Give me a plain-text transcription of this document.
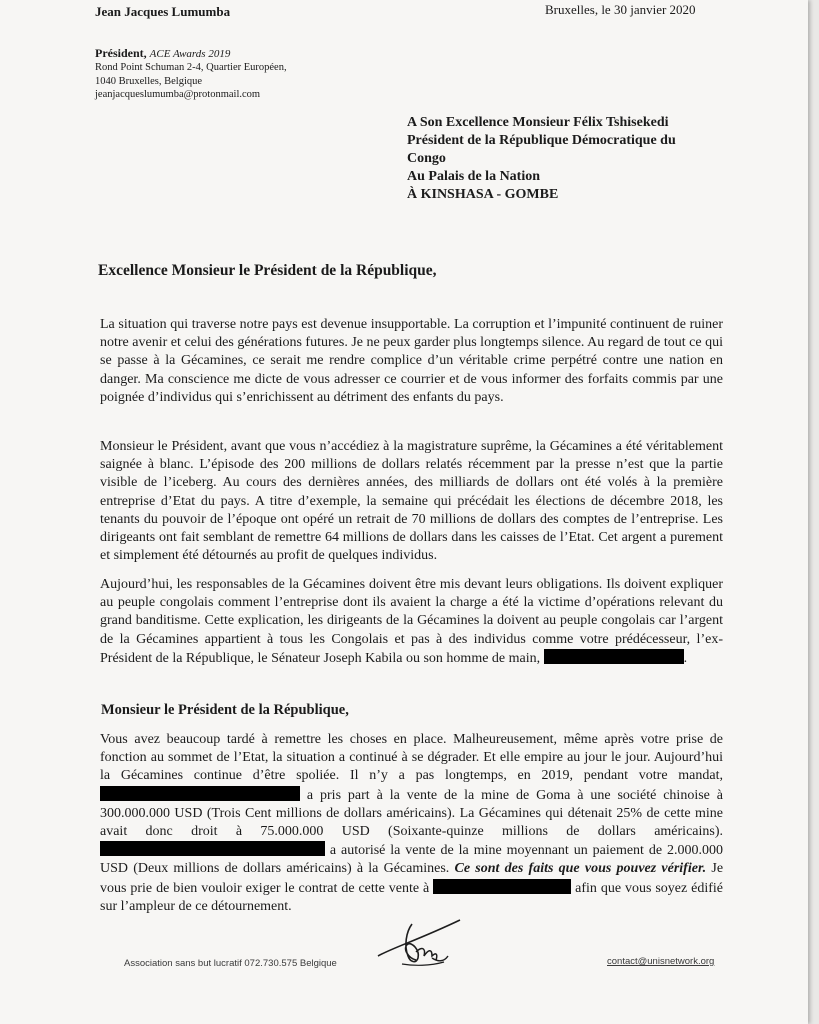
Jean Jacques Lumumba	Bruxelles, le 30 janvier 2020
Président, ACE Awards 2019
Rond Point Schuman 2-4, Quartier Européen,
1040 Bruxelles, Belgique
jeanjacqueslumumba@protonmail.com
A Son Excellence Monsieur Félix Tshisekedi
Président de la République Démocratique du
Congo
Au Palais de la Nation
À KINSHASA - GOMBE
Excellence Monsieur le Président de la République,
La situation qui traverse notre pays est devenue insupportable. La corruption et l’impunité continuent de ruiner notre avenir et celui des générations futures. Je ne peux garder plus longtemps silence. Au regard de tout ce qui se passe à la Gécamines, ce serait me rendre complice d’un véritable crime perpétré contre une nation en danger. Ma conscience me dicte de vous adresser ce courrier et de vous informer des forfaits commis par une poignée d’individus qui s’enrichissent au détriment des enfants du pays.
Monsieur le Président, avant que vous n’accédiez à la magistrature suprême, la Gécamines a été véritablement saignée à blanc. L’épisode des 200 millions de dollars relatés récemment par la presse n’est que la partie visible de l’iceberg. Au cours des dernières années, des milliards de dollars ont été volés à la première entreprise d’Etat du pays. A titre d’exemple, la semaine qui précédait les élections de décembre 2018, les tenants du pouvoir de l’époque ont opéré un retrait de 70 millions de dollars des comptes de l’entreprise. Les dirigeants ont fait semblant de remettre 64 millions de dollars dans les caisses de l’Etat. Cet argent a purement et simplement été détournés au profit de quelques individus.
Aujourd’hui, les responsables de la Gécamines doivent être mis devant leurs obligations. Ils doivent expliquer au peuple congolais comment l’entreprise dont ils avaient la charge a été la victime d’opérations relevant du grand banditisme. Cette explication, les dirigeants de la Gécamines la doivent au peuple congolais car l’argent de la Gécamines appartient à tous les Congolais et pas à des individus comme votre prédécesseur, l’ex-Président de la République, le Sénateur Joseph Kabila ou son homme de main,	.
Monsieur le Président de la République,
Vous avez beaucoup tardé à remettre les choses en place. Malheureusement, même après votre prise de fonction au sommet de l’Etat, la situation a continué à se dégrader. Et elle empire au jour le jour. Aujourd’hui la Gécamines continue d’être spoliée. Il n’y a pas longtemps, en 2019, pendant votre mandat,  a pris part à la vente de la mine de Goma à une société chinoise à 300.000.000 USD (Trois Cent millions de dollars américains). La Gécamines qui détenait 25% de cette mine avait donc droit à 75.000.000 USD (Soixante-quinze millions de dollars américains).  a autorisé la vente de la mine moyennant un paiement de 2.000.000 USD (Deux millions de dollars américains) à la Gécamines. Ce sont des faits que vous pouvez vérifier. Je vous prie de bien vouloir exiger le contrat de cette vente à	afin que vous soyez édifié sur l’ampleur de ce détournement.
Association sans but lucratif 072.730.575 Belgique	contact@unisnetwork.org
